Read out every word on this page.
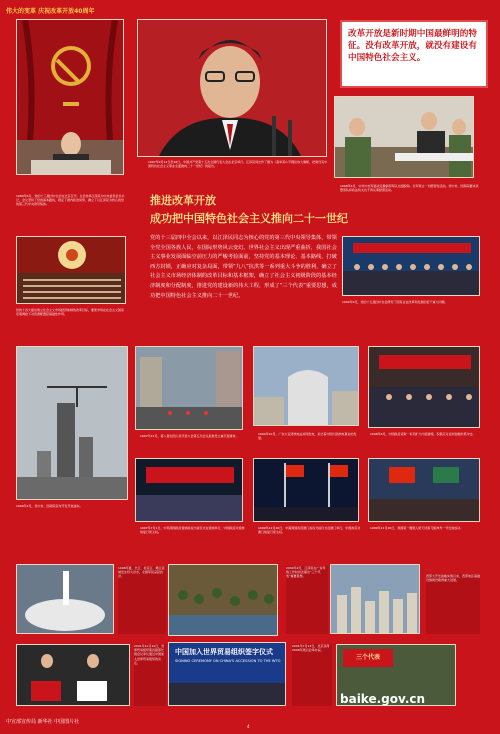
伟大的变革 庆祝改革开放40周年
1989年6月，党的十三届四中全会在北京召开。全会选举江泽民为中央委员会总书记，会议坚持了党的基本路线，稳定了国内政治局势，确立了以江泽民为核心的党的第三代中央领导集体。
1997年9月12日至18日，中国共产党第十五次全国代表大会在北京举行。江泽民同志作了题为《高举邓小平理论伟大旗帜，把建设有中国特色社会主义事业全面推向二十一世纪》的报告。
改革开放是新时期中国最鲜明的特征。没有改革开放，就没有建设有中国特色社会主义。
1998年4月，中共中央军委决定撤销和军队全面脱钩。全军停止一切经营性活动，党中央、国务院要求武警部队和政法机关也不再从事经商活动。
推进改革开放
成功把中国特色社会主义推向二十一世纪
党的十三届四中全会以来，以江泽民同志为核心的党的第三代中央领导集体，带领全党全国各族人民，在国际形势风云变幻、世界社会主义出现严重曲折，我国社会主义事业发展面临空前压力的严峻考验面前，坚持党的基本理论、基本路线，打破西方封锁，正确应对复杂局面，带领“九八”抗洪等一系列重大斗争的胜利，确立了社会主义市场经济体制的改革目标和基本框架，确立了社会主义初级阶段的基本经济制度和分配制度，推进党的建设新的伟大工程，形成了“三个代表”重要思想，成功把中国特色社会主义推向二十一世纪。
党的十四大提出建立社会主义市场经济体制的改革目标，要使市场在社会主义国家宏观调控下对资源配置起基础性作用。
1999年9月，党的十五届四中全会研究了国有企业改革和发展的若干重大问题。
1990年4月，党中央、国务院宣布开发开放浦东。
1997年12月，第八届全国人民代表大会第五次会议批准设立重庆直辖市。	1994年10月，广东大亚湾核电站并网发电，标志着中国大陆核电事业的发展。
1998年6月，中国政府采取一系列扩大内需措施，积极应对亚洲金融危机冲击。
1997年7月1日，中英两国政府香港政权交接仪式在香港举行，中国政府对香港恢复行使主权。
1999年12月20日，中葡两国政府澳门政权交接仪式在澳门举行，中国政府对澳门恢复行使主权。
1999年11月20日，我国第一艘载人航天试验飞船神舟一号发射成功。
1998年夏，长江、松花江、嫩江流域发生特大洪水，全国军民奋起抗洪。
2000年2月，江泽民在广东考察工作时首次提出“三个代表”重要思想。	西部大开发战略实施以来，西部地区基础设施建设取得重大进展。
2001年11月10日，世界贸易组织第四届部长级会议审议通过中国加入世界贸易组织的决定。
中国加入世界贸易组织签字仪式
SIGNING CEREMONY ON CHINA'S ACCESSION TO THE WTO
2001年7月13日，北京获得2008年奥运会举办权。
三个代表
baike.gov.cn
中宣部宣传局 新华社 中国图片社
4
